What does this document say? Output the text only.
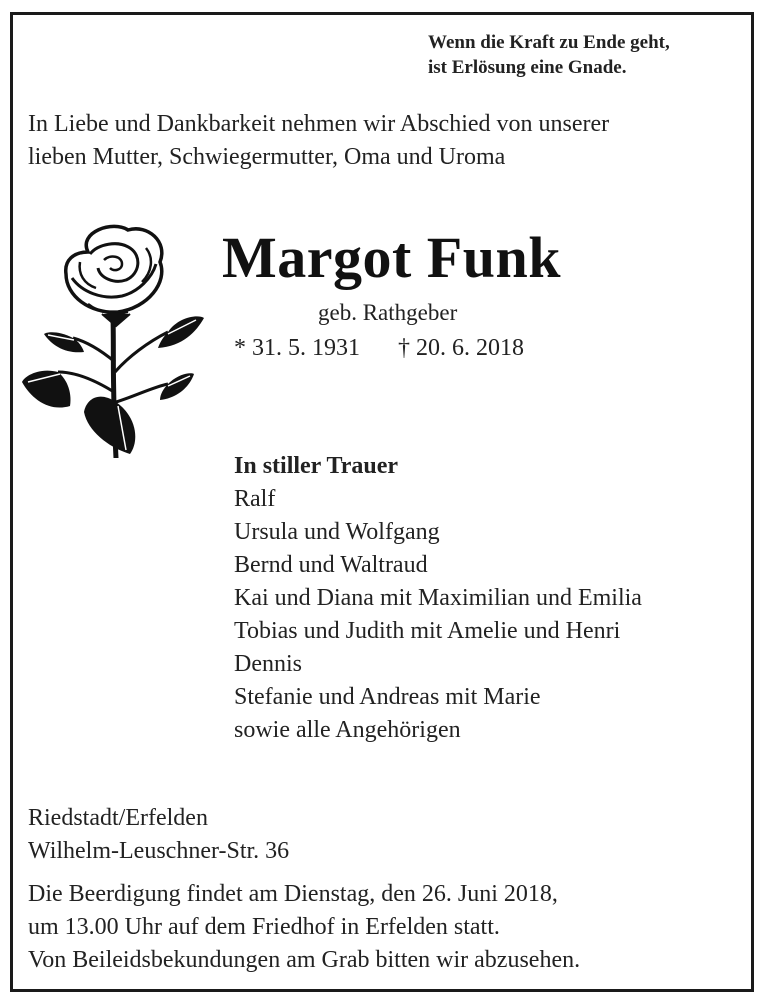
Wenn die Kraft zu Ende geht,
ist Erlösung eine Gnade.
In Liebe und Dankbarkeit nehmen wir Abschied von unserer
lieben Mutter, Schwiegermutter, Oma und Uroma
Margot Funk
geb. Rathgeber
* 31. 5. 1931 † 20. 6. 2018
In stiller Trauer
Ralf
Ursula und Wolfgang
Bernd und Waltraud
Kai und Diana mit Maximilian und Emilia
Tobias und Judith mit Amelie und Henri
Dennis
Stefanie und Andreas mit Marie
sowie alle Angehörigen
Riedstadt/Erfelden
Wilhelm-Leuschner-Str. 36
Die Beerdigung findet am Dienstag, den 26. Juni 2018,
um 13.00 Uhr auf dem Friedhof in Erfelden statt.
Von Beileidsbekundungen am Grab bitten wir abzusehen.
